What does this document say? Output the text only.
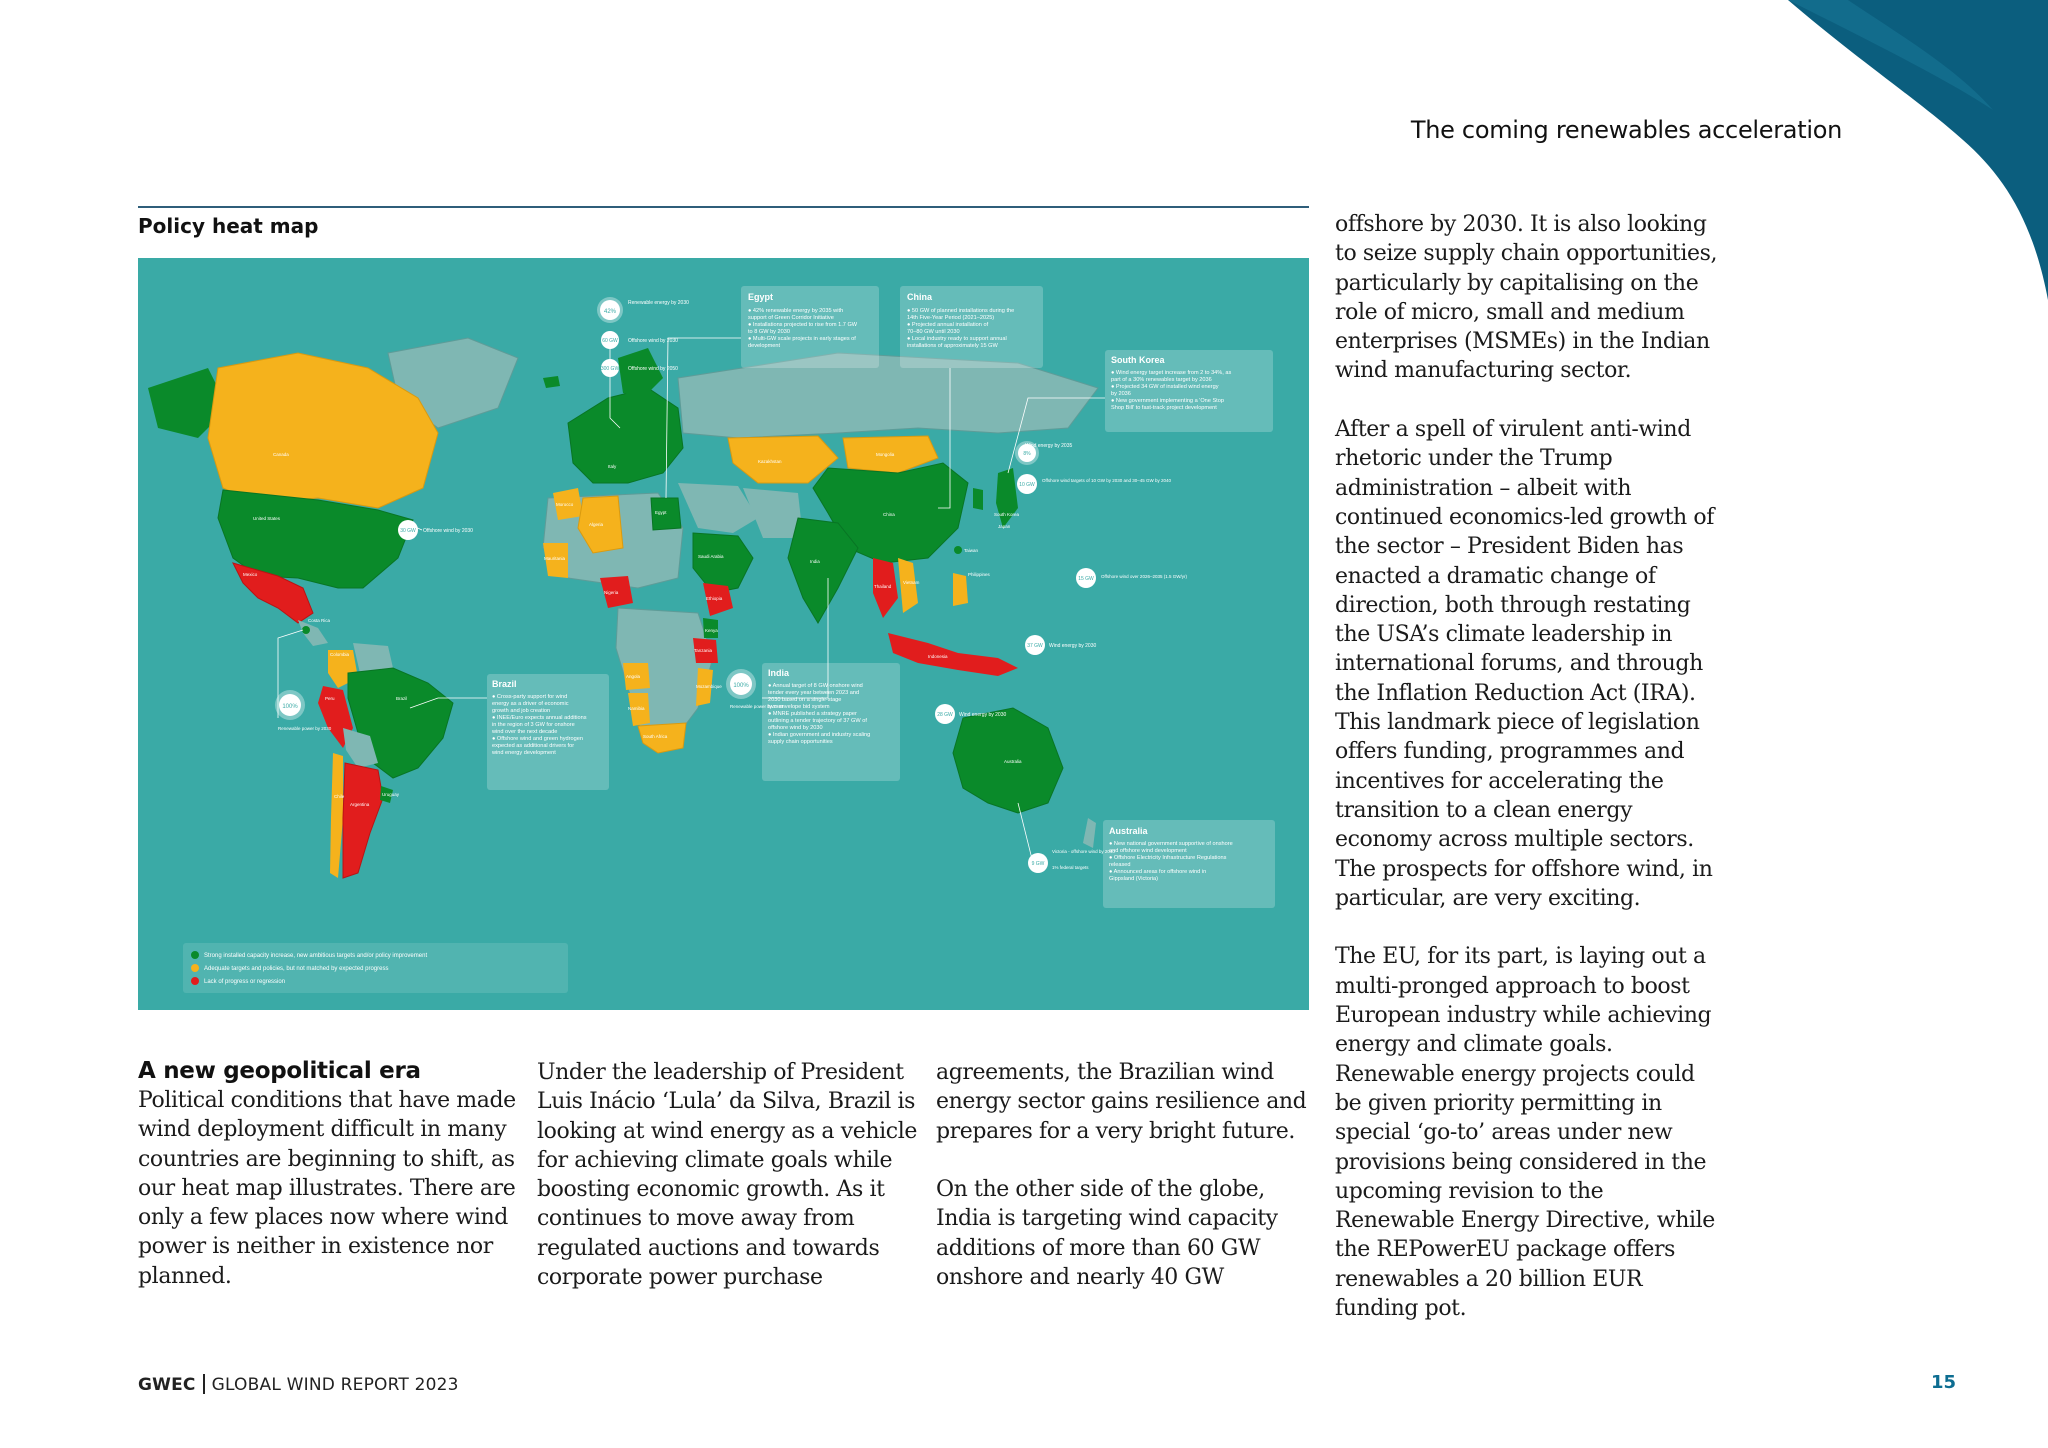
The coming renewables acceleration
Policy heat map
Egypt
● 42% renewable energy by 2035 with
support of Green Corridor Initiative
● Installations projected to rise from 1.7 GW
to 8 GW by 2030
● Multi-GW scale projects in early stages of
development
China
● 50 GW of planned installations during the
14th Five-Year Period (2021–2025)
● Projected annual installation of
70–80 GW until 2030
● Local industry ready to support annual
installations of approximately 15 GW
South Korea
● Wind energy target increase from 2 to 34%, as
part of a 30% renewables target by 2036
● Projected 34 GW of installed wind energy
by 2036
● New government implementing a 'One Stop
Shop Bill' to fast-track project development
India
● Annual target of 8 GW onshore wind
tender every year between 2023 and
2030 based on a single-stage
two-envelope bid system
● MNRE published a strategy paper
outlining a tender trajectory of 37 GW of
offshore wind by 2030
● Indian government and industry scaling
supply chain opportunities
Brazil
● Cross-party support for wind
energy as a driver of economic
growth and job creation
● INEE/Euro expects annual additions
in the region of 3 GW for onshore
wind over the next decade
● Offshore wind and green hydrogen
expected as additional drivers for
wind energy development
Australia
● New national government supportive of onshore
and offshore wind development
● Offshore Electricity Infrastructure Regulations
released
● Announced areas for offshore wind in
Gippsland (Victoria)
42%
Renewable energy by 2030
60 GW Offshore wind by 2030
300 GW Offshore wind by 2050
30 GW Offshore wind by 2030
100%
Renewable power by 2030
100%
Renewable power by 2030
8%
Wind energy by 2035
10 GW
Offshore wind targets of 10 GW by 2030 and 30–45 GW by 2040
15 GW Offshore wind over 2026–2035 (1.5 GW/yr)
37 GW Wind energy by 2030
28 GW Wind energy by 2030
9 GW
Victoria - offshore wind by 2040
1% federal targets
Canada
United States
Mexico
Costa Rica
Colombia
Peru	Brazil
Chile
Argentina
Uruguay
Morocco
Algeria
Mauritania
Nigeria
Egypt
Saudi Arabia
Ethiopia
Tanzania
Mozambique
Angola
South Africa
Kazakhstan
Mongolia
China
India
Thailand
Vietnam
Philippines
Indonesia
Taiwan
South Korea
Japan
Australia
Italy
Kenya
Namibia
Strong installed capacity increase, new ambitious targets and/or policy improvement
Adequate targets and policies, but not matched by expected progress
Lack of progress or regression
A new geopolitical era

Political conditions that have made wind deployment difficult in many countries are beginning to shift, as our heat map illustrates. There are only a few places now where wind power is neither in existence nor planned.

Under the leadership of President Luis Inácio ‘Lula’ da Silva, Brazil is looking at wind energy as a vehicle for achieving climate goals while boosting economic growth. As it continues to move away from regulated auctions and towards corporate power purchase

agreements, the Brazilian wind energy sector gains resilience and prepares for a very bright future.

On the other side of the globe, India is targeting wind capacity additions of more than 60 GW onshore and nearly 40 GW

offshore by 2030. It is also looking to seize supply chain opportunities, particularly by capitalising on the role of micro, small and medium enterprises (MSMEs) in the Indian wind manufacturing sector.

After a spell of virulent anti-wind rhetoric under the Trump administration – albeit with continued economics-led growth of the sector – President Biden has enacted a dramatic change of direction, both through restating the USA’s climate leadership in international forums, and through the Inflation Reduction Act (IRA). This landmark piece of legislation offers funding, programmes and incentives for accelerating the transition to a clean energy economy across multiple sectors. The prospects for offshore wind, in particular, are very exciting.

The EU, for its part, is laying out a multi-pronged approach to boost European industry while achieving energy and climate goals. Renewable energy projects could be given priority permitting in special ‘go-to’ areas under new provisions being considered in the upcoming revision to the Renewable Energy Directive, while the REPowerEU package offers renewables a 20 billion EUR funding pot.

GWEC GLOBAL WIND REPORT 2023	15
